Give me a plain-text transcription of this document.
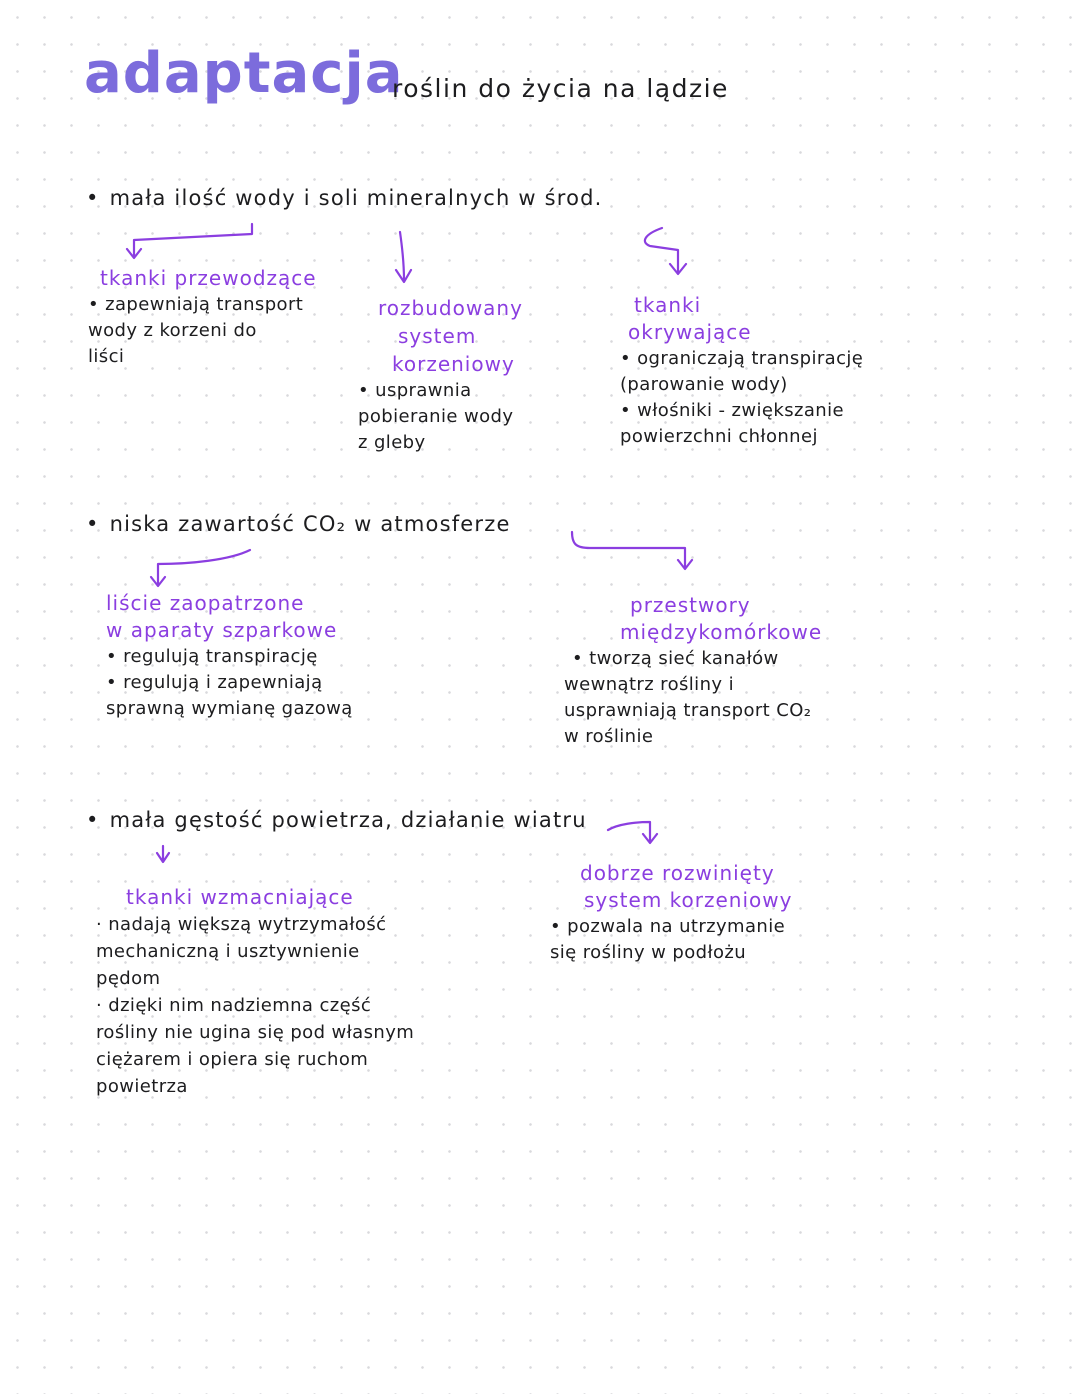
adaptacja
roślin do życia na lądzie
• mała ilość wody i soli mineralnych w środ.
tkanki przewodzące
• zapewniają transport
wody z korzeni do
liści
rozbudowany
system
korzeniowy
• usprawnia
pobieranie wody
z gleby
tkanki
okrywające
• ograniczają transpirację
(parowanie wody)
• włośniki - zwiększanie
powierzchni chłonnej
• niska zawartość CO₂ w atmosferze
liście zaopatrzone
w aparaty szparkowe
• regulują transpirację
• regulują i zapewniają
sprawną wymianę gazową
przestwory
międzykomórkowe
• tworzą sieć kanałów
wewnątrz rośliny i
usprawniają transport CO₂
w roślinie
• mała gęstość powietrza, działanie wiatru
tkanki wzmacniające
· nadają większą wytrzymałość
mechaniczną i usztywnienie
pędom
· dzięki nim nadziemna część
rośliny nie ugina się pod własnym
ciężarem i opiera się ruchom
powietrza
dobrze rozwinięty
system korzeniowy
• pozwala na utrzymanie
się rośliny w podłożu
